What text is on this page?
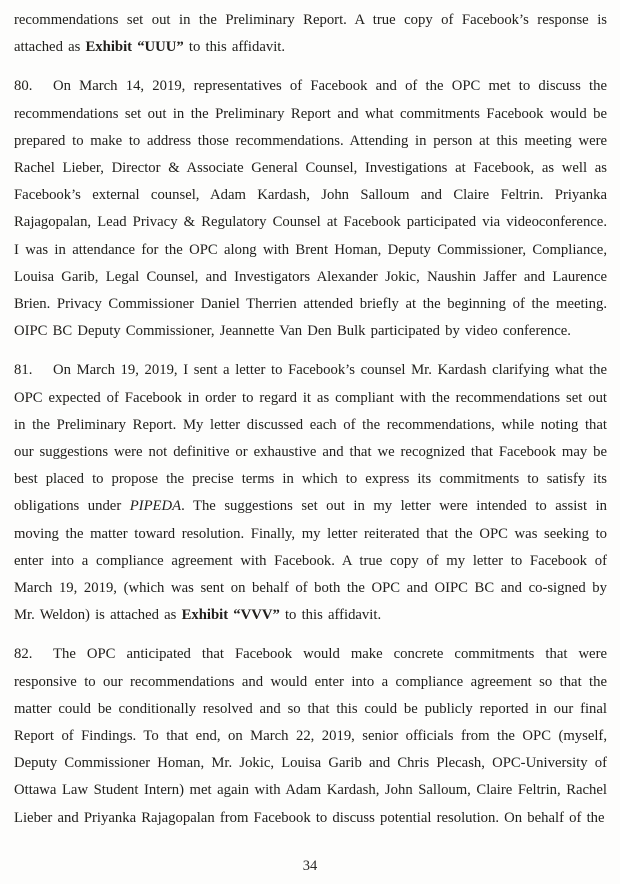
recommendations set out in the Preliminary Report. A true copy of Facebook’s response is attached as Exhibit “UUU” to this affidavit.

80. On March 14, 2019, representatives of Facebook and of the OPC met to discuss the recommendations set out in the Preliminary Report and what commitments Facebook would be prepared to make to address those recommendations. Attending in person at this meeting were Rachel Lieber, Director & Associate General Counsel, Investigations at Facebook, as well as Facebook’s external counsel, Adam Kardash, John Salloum and Claire Feltrin. Priyanka Rajagopalan, Lead Privacy & Regulatory Counsel at Facebook participated via videoconference. I was in attendance for the OPC along with Brent Homan, Deputy Commissioner, Compliance, Louisa Garib, Legal Counsel, and Investigators Alexander Jokic, Naushin Jaffer and Laurence Brien. Privacy Commissioner Daniel Therrien attended briefly at the beginning of the meeting. OIPC BC Deputy Commissioner, Jeannette Van Den Bulk participated by video conference.

81. On March 19, 2019, I sent a letter to Facebook’s counsel Mr. Kardash clarifying what the OPC expected of Facebook in order to regard it as compliant with the recommendations set out in the Preliminary Report. My letter discussed each of the recommendations, while noting that our suggestions were not definitive or exhaustive and that we recognized that Facebook may be best placed to propose the precise terms in which to express its commitments to satisfy its obligations under PIPEDA. The suggestions set out in my letter were intended to assist in moving the matter toward resolution. Finally, my letter reiterated that the OPC was seeking to enter into a compliance agreement with Facebook. A true copy of my letter to Facebook of March 19, 2019, (which was sent on behalf of both the OPC and OIPC BC and co-signed by Mr. Weldon) is attached as Exhibit “VVV” to this affidavit.

82. The OPC anticipated that Facebook would make concrete commitments that were responsive to our recommendations and would enter into a compliance agreement so that the matter could be conditionally resolved and so that this could be publicly reported in our final Report of Findings. To that end, on March 22, 2019, senior officials from the OPC (myself, Deputy Commissioner Homan, Mr. Jokic, Louisa Garib and Chris Plecash, OPC-University of Ottawa Law Student Intern) met again with Adam Kardash, John Salloum, Claire Feltrin, Rachel Lieber and Priyanka Rajagopalan from Facebook to discuss potential resolution. On behalf of the

34
